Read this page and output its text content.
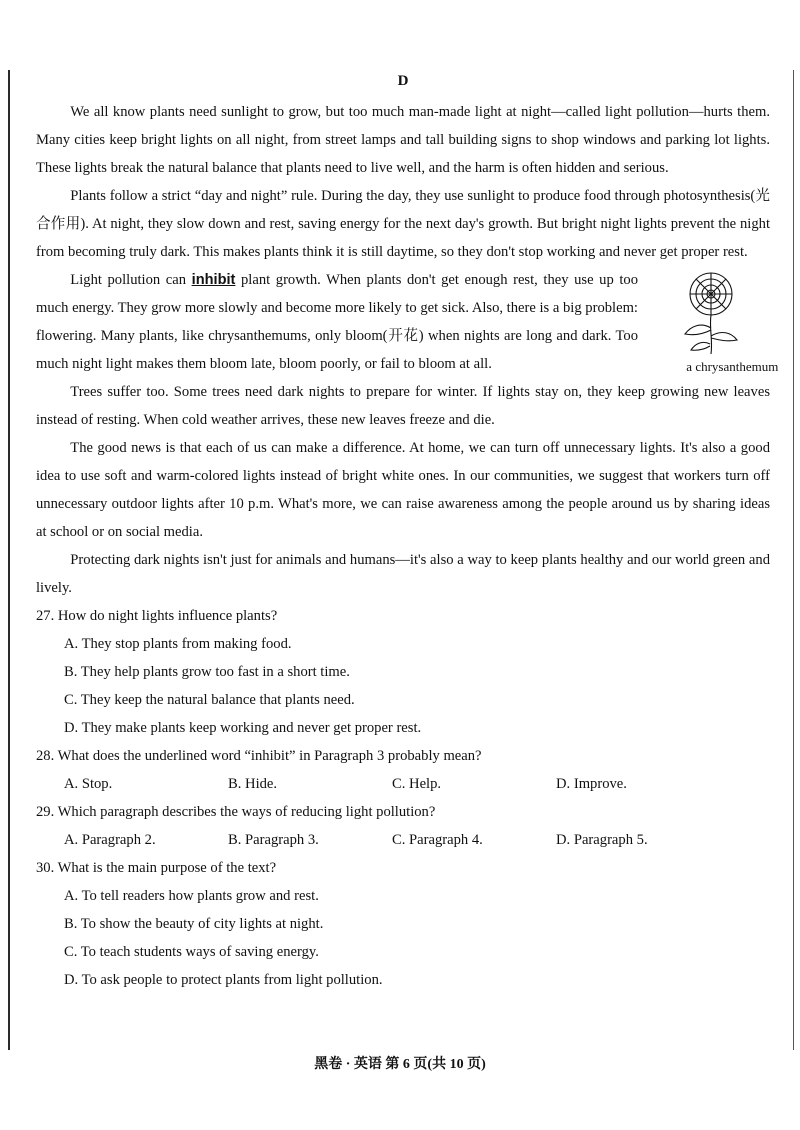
D

We all know plants need sunlight to grow, but too much man-made light at night—called light pollution—hurts them. Many cities keep bright lights on all night, from street lamps and tall building signs to shop windows and parking lot lights. These lights break the natural balance that plants need to live well, and the harm is often hidden and serious.

Plants follow a strict “day and night” rule. During the day, they use sunlight to produce food through photosynthesis(光合作用). At night, they slow down and rest, saving energy for the next day's growth. But bright night lights prevent the night from becoming truly dark. This makes plants think it is still daytime, so they don't stop working and never get proper rest.

a chrysanthemum
Light pollution can inhibit plant growth. When plants don't get enough rest, they use up too much energy. They grow more slowly and become more likely to get sick. Also, there is a big problem: flowering. Many plants, like chrysanthemums, only bloom(开花) when nights are long and dark. Too much night light makes them bloom late, bloom poorly, or fail to bloom at all.

Trees suffer too. Some trees need dark nights to prepare for winter. If lights stay on, they keep growing new leaves instead of resting. When cold weather arrives, these new leaves freeze and die.

The good news is that each of us can make a difference. At home, we can turn off unnecessary lights. It's also a good idea to use soft and warm-colored lights instead of bright white ones. In our communities, we suggest that workers turn off unnecessary outdoor lights after 10 p.m. What's more, we can raise awareness among the people around us by sharing ideas at school or on social media.

Protecting dark nights isn't just for animals and humans—it's also a way to keep plants healthy and our world green and lively.

27. How do night lights influence plants?
A. They stop plants from making food.
B. They help plants grow too fast in a short time.
C. They keep the natural balance that plants need.
D. They make plants keep working and never get proper rest.
28. What does the underlined word “inhibit” in Paragraph 3 probably mean?
A. Stop.	B. Hide.	C. Help.	D. Improve.
29. Which paragraph describes the ways of reducing light pollution?
A. Paragraph 2.	B. Paragraph 3.	C. Paragraph 4.	D. Paragraph 5.
30. What is the main purpose of the text?
A. To tell readers how plants grow and rest.
B. To show the beauty of city lights at night.
C. To teach students ways of saving energy.
D. To ask people to protect plants from light pollution.
黑卷 · 英语 第 6 页(共 10 页)
